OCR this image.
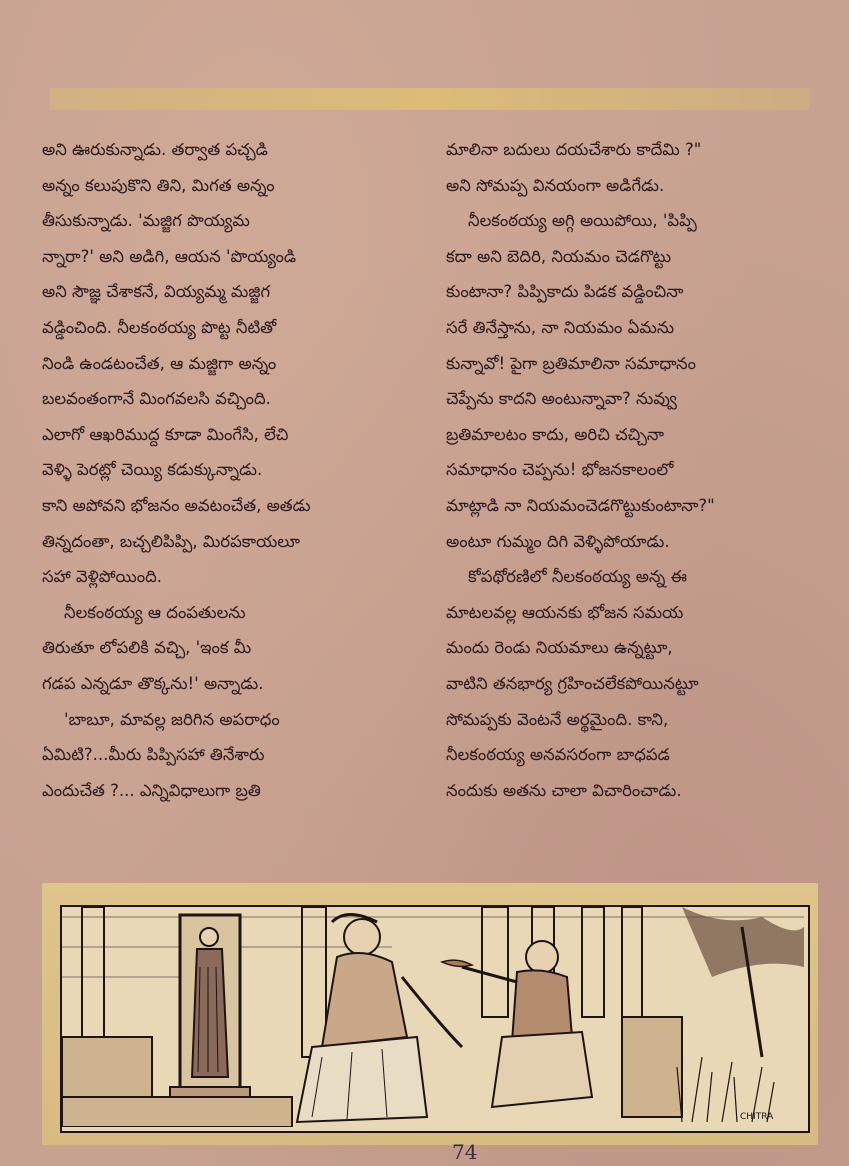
అని ఊరుకున్నాడు. తర్వాత పచ్చడి
అన్నం కలుపుకొని తిని, మిగత అన్నం
తీసుకున్నాడు. 'మజ్జిగ పొయ్యమ
న్నారా?' అని అడిగి, ఆయన 'పొయ్యండి
అని సౌజ్ఞ చేశాకనే, వియ్యమ్మ మజ్జిగ
వడ్డించింది. నీలకంఠయ్య పొట్ట నీటితో
నిండి ఉండటంచేత, ఆ మజ్జిగా అన్నం
బలవంతంగానే మింగవలసి వచ్చింది.
ఎలాగో ఆఖరిముద్ద కూడా మింగేసి, లేచి
వెళ్ళి పెరట్లో చెయ్యి కడుక్కున్నాడు.
కాని అపోవని భోజనం అవటంచేత, అతడు
తిన్నదంతా, బచ్చలిపిప్పి, మిరపకాయలూ
సహా వెళ్లిపోయింది.
నీలకంఠయ్య ఆ దంపతులను
తిరుతూ లోపలికి వచ్చి, 'ఇంక మీ
గడప ఎన్నడూ తొక్కను!' అన్నాడు.
'బాబూ, మావల్ల జరిగిన అపరాధం
ఏమిటి?...మీరు పిప్పిసహా తినేశారు
ఎందుచేత ?... ఎన్నివిధాలుగా బ్రతి
మాలినా బదులు దయచేశారు కాదేమి ?"
అని సోమప్ప వినయంగా అడిగేడు.
నీలకంఠయ్య అగ్గి అయిపోయి, 'పిప్పి
కదా అని బెదిరి, నియమం చెడగొట్టు
కుంటానా? పిప్పికాదు పిడక వడ్డించినా
సరే తినేస్తాను, నా నియమం ఏమను
కున్నావో! పైగా బ్రతిమాలినా సమాధానం
చెప్పేను కాదని అంటున్నావా? నువ్వు
బ్రతిమాలటం కాదు, అరిచి చచ్చినా
సమాధానం చెప్పను! భోజనకాలంలో
మాట్లాడి నా నియమంచెడగొట్టుకుంటానా?"
అంటూ గుమ్మం దిగి వెళ్ళిపోయాడు.
కోపథోరణిలో నీలకంఠయ్య అన్న ఈ
మాటలవల్ల ఆయనకు భోజన సమయ
మందు రెండు నియమాలు ఉన్నట్టూ,
వాటిని తనభార్య గ్రహించలేకపోయినట్టూ
సోమప్పకు వెంటనే అర్థమైంది. కాని,
నీలకంఠయ్య అనవసరంగా బాధపడ
నందుకు అతను చాలా విచారించాడు.
CHITRA
74
